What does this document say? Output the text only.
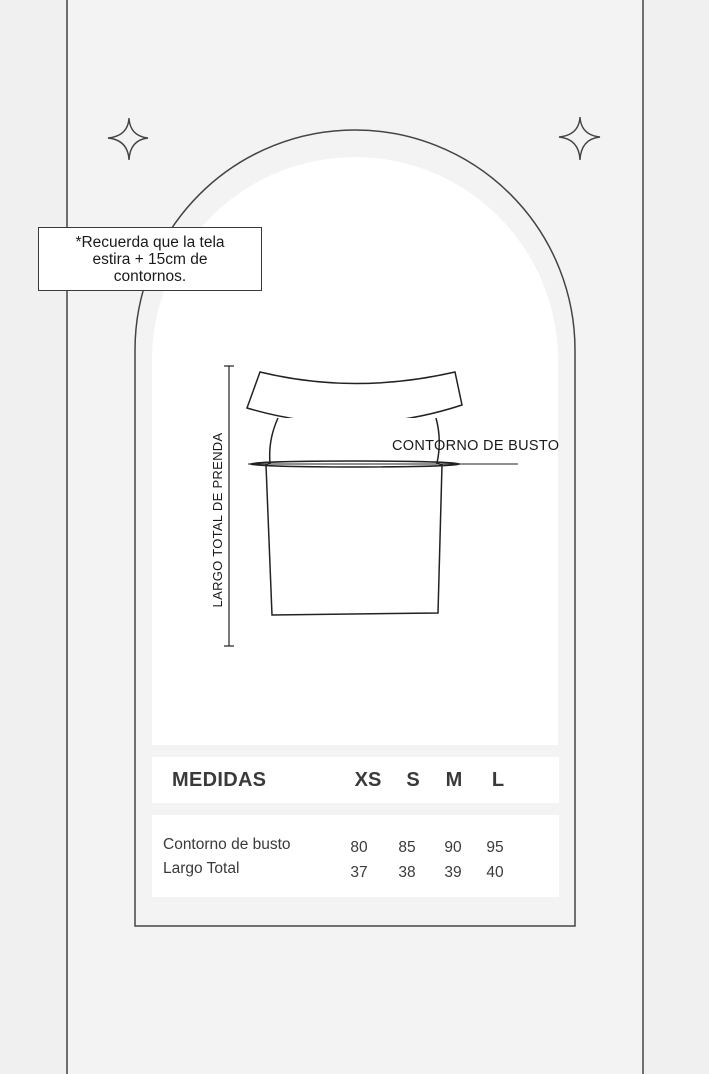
LARGO TOTAL DE PRENDA
*Recuerda que la tela
estira + 15cm de
contornos.
CONTORNO DE BUSTO
MEDIDAS	XS	S	M	L
Contorno de busto	80	85	90	95
Largo Total	37	38	39	40
